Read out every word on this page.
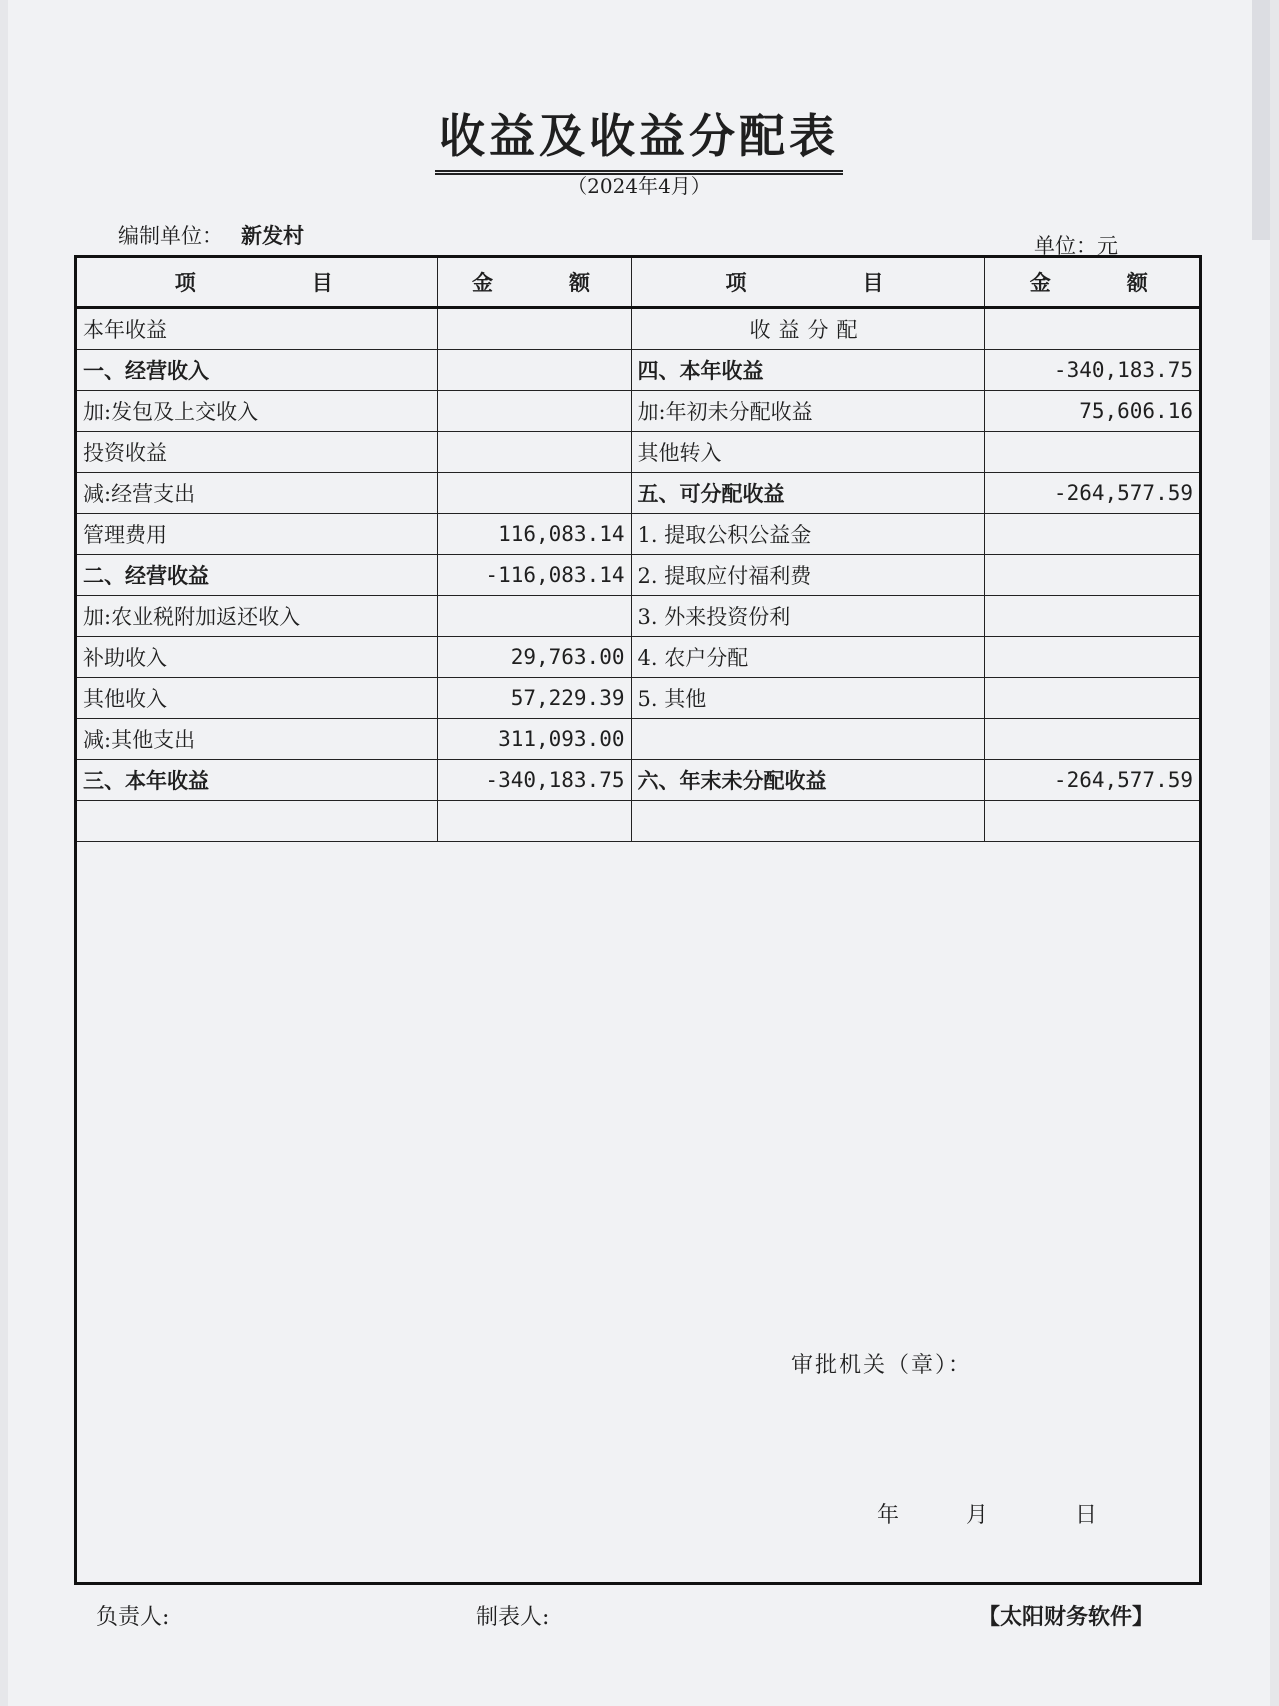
收益及收益分配表
（2024年4月）
编制单位： 新发村	单位：元
项 目	金 额	项 目	金 额
本年收益		收益分配	
一、经营收入		四、本年收益	-340,183.75
加:发包及上交收入		加:年初未分配收益	75,606.16
投资收益		其他转入	
减:经营支出		五、可分配收益	-264,577.59
管理费用	116,083.14	1. 提取公积公益金	
二、经营收益	-116,083.14	2. 提取应付福利费	
加:农业税附加返还收入		3. 外来投资份利	
补助收入	29,763.00	4. 农户分配	
其他收入	57,229.39	5. 其他	
减:其他支出	311,093.00		
三、本年收益	-340,183.75	六、年末未分配收益	-264,577.59

审批机关（章）：
年	月	日
负责人:	制表人:	【太阳财务软件】
